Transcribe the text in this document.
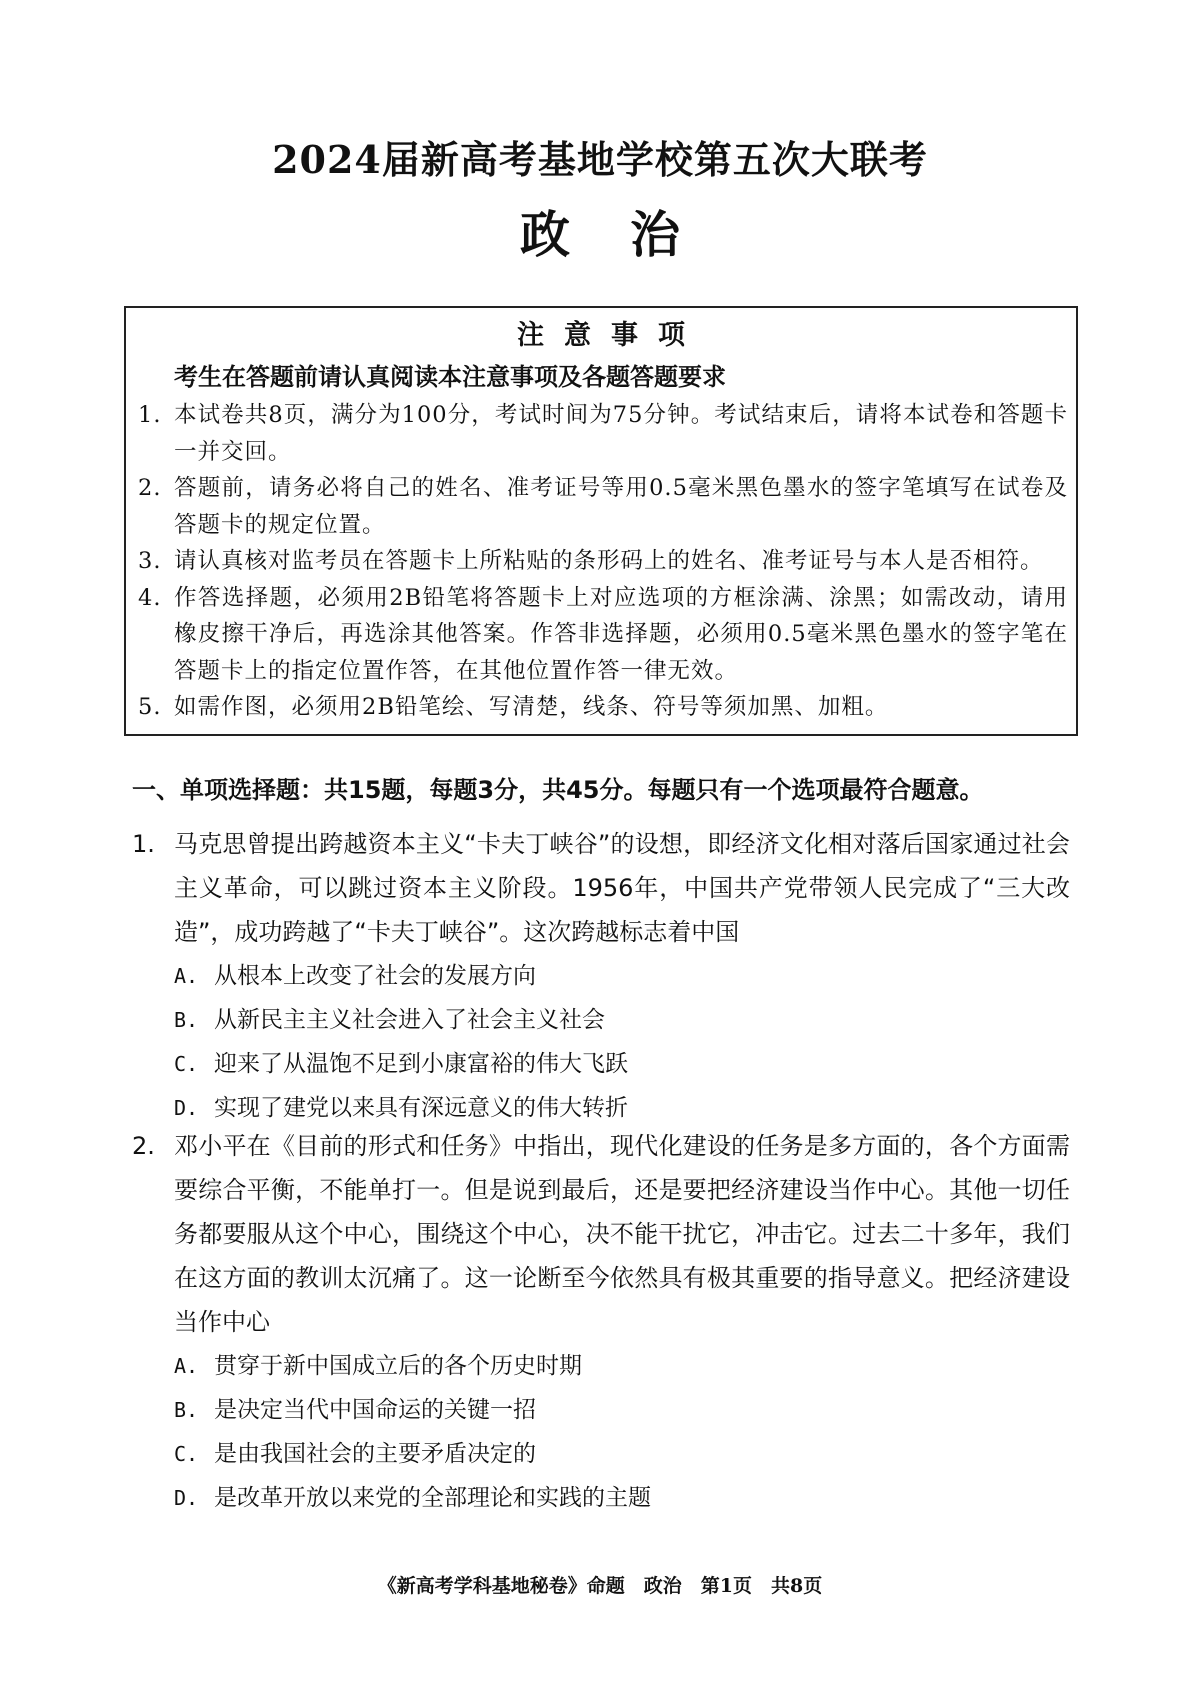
2024届新高考基地学校第五次大联考
政治
注意事项
考生在答题前请认真阅读本注意事项及各题答题要求
1. 本试卷共8页，满分为100分，考试时间为75分钟。考试结束后，请将本试卷和答题卡一并交回。
2. 答题前，请务必将自己的姓名、准考证号等用0.5毫米黑色墨水的签字笔填写在试卷及答题卡的规定位置。
3. 请认真核对监考员在答题卡上所粘贴的条形码上的姓名、准考证号与本人是否相符。
4. 作答选择题，必须用2B铅笔将答题卡上对应选项的方框涂满、涂黑；如需改动，请用橡皮擦干净后，再选涂其他答案。作答非选择题，必须用0.5毫米黑色墨水的签字笔在答题卡上的指定位置作答，在其他位置作答一律无效。
5. 如需作图，必须用2B铅笔绘、写清楚，线条、符号等须加黑、加粗。
一、单项选择题：共15题，每题3分，共45分。每题只有一个选项最符合题意。
1. 马克思曾提出跨越资本主义“卡夫丁峡谷”的设想，即经济文化相对落后国家通过社会主义革命，可以跳过资本主义阶段。1956年，中国共产党带领人民完成了“三大改造”，成功跨越了“卡夫丁峡谷”。这次跨越标志着中国
A. 从根本上改变了社会的发展方向
B. 从新民主主义社会进入了社会主义社会
C. 迎来了从温饱不足到小康富裕的伟大飞跃
D. 实现了建党以来具有深远意义的伟大转折
2. 邓小平在《目前的形式和任务》中指出，现代化建设的任务是多方面的，各个方面需要综合平衡，不能单打一。但是说到最后，还是要把经济建设当作中心。其他一切任务都要服从这个中心，围绕这个中心，决不能干扰它，冲击它。过去二十多年，我们在这方面的教训太沉痛了。这一论断至今依然具有极其重要的指导意义。把经济建设当作中心
A. 贯穿于新中国成立后的各个历史时期
B. 是决定当代中国命运的关键一招
C. 是由我国社会的主要矛盾决定的
D. 是改革开放以来党的全部理论和实践的主题
《新高考学科基地秘卷》命题　政治　第1页　共8页
